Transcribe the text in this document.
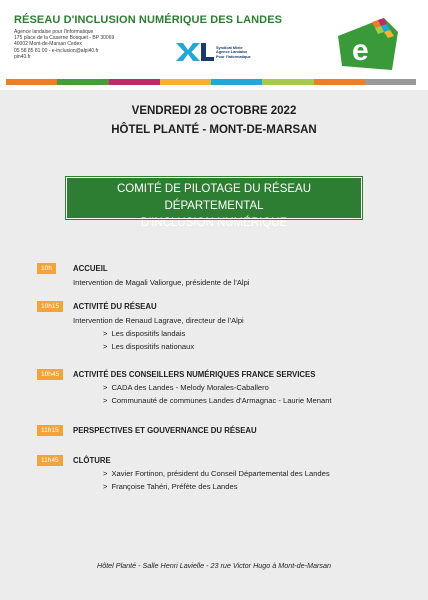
RÉSEAU D'INCLUSION NUMÉRIQUE DES LANDES
Agence landaise pour l'informatique
175 place de la Caserne Bosquet - BP 30069
40002 Mont-de-Marsan Cedex
05 58 85 81 00 - e-inclusion@alpi40.fr
pin40.fr
Syndicat Mixte
Agence Landaise
Pour l'Informatique	e
VENDREDI 28 OCTOBRE 2022
HÔTEL PLANTÉ - MONT-DE-MARSAN
COMITÉ DE PILOTAGE DU RÉSEAU DÉPARTEMENTAL
D'INCLUSION NUMÉRIQUE
10h	ACCUEIL
Intervention de Magali Valiorgue, présidente de l'Alpi
10h15	ACTIVITÉ DU RÉSEAU
Intervention de Renaud Lagrave, directeur de l'Alpi
> Les dispositifs landais
> Les dispositifs nationaux
10h45	ACTIVITÉ DES CONSEILLERS NUMÉRIQUES FRANCE SERVICES
> CADA des Landes - Melody Morales-Caballero
> Communauté de communes Landes d'Armagnac - Laurie Menant
11h15	PERSPECTIVES ET GOUVERNANCE DU RÉSEAU
11h45	CLÔTURE
> Xavier Fortinon, président du Conseil Départemental des Landes
> Françoise Tahéri, Préfète des Landes
Hôtel Planté - Salle Henri Lavielle - 23 rue Victor Hugo à Mont-de-Marsan
